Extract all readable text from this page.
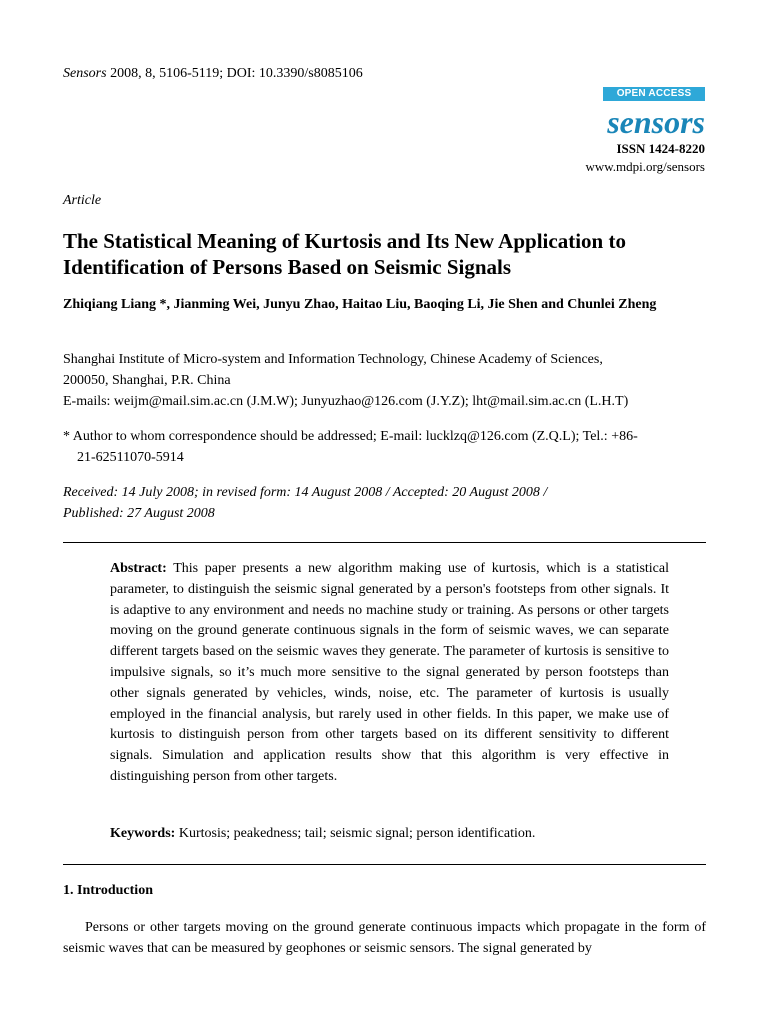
Sensors 2008, 8, 5106-5119; DOI: 10.3390/s8085106
OPEN ACCESS
sensors
ISSN 1424-8220
www.mdpi.org/sensors
Article
The Statistical Meaning of Kurtosis and Its New Application to Identification of Persons Based on Seismic Signals
Zhiqiang Liang *, Jianming Wei, Junyu Zhao, Haitao Liu, Baoqing Li, Jie Shen and Chunlei Zheng
Shanghai Institute of Micro-system and Information Technology, Chinese Academy of Sciences,
200050, Shanghai, P.R. China
E-mails: weijm@mail.sim.ac.cn (J.M.W); Junyuzhao@126.com (J.Y.Z); lht@mail.sim.ac.cn (L.H.T)
* Author to whom correspondence should be addressed; E-mail: lucklzq@126.com (Z.Q.L); Tel.: +86-
21-62511070-5914
Received: 14 July 2008; in revised form: 14 August 2008 / Accepted: 20 August 2008 /
Published: 27 August 2008
Abstract: This paper presents a new algorithm making use of kurtosis, which is a statistical parameter, to distinguish the seismic signal generated by a person's footsteps from other signals. It is adaptive to any environment and needs no machine study or training. As persons or other targets moving on the ground generate continuous signals in the form of seismic waves, we can separate different targets based on the seismic waves they generate. The parameter of kurtosis is sensitive to impulsive signals, so it’s much more sensitive to the signal generated by person footsteps than other signals generated by vehicles, winds, noise, etc. The parameter of kurtosis is usually employed in the financial analysis, but rarely used in other fields. In this paper, we make use of kurtosis to distinguish person from other targets based on its different sensitivity to different signals. Simulation and application results show that this algorithm is very effective in distinguishing person from other targets.
Keywords: Kurtosis; peakedness; tail; seismic signal; person identification.
1. Introduction
Persons or other targets moving on the ground generate continuous impacts which propagate in the form of seismic waves that can be measured by geophones or seismic sensors. The signal generated by
